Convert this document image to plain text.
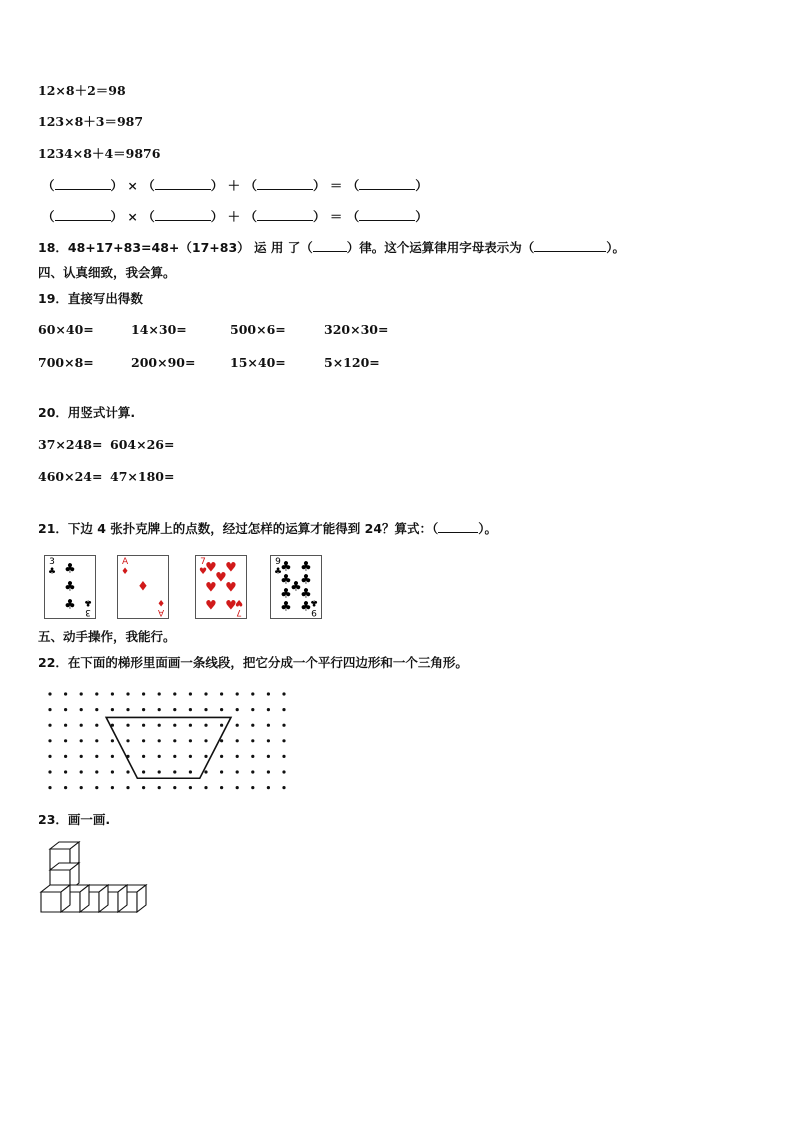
12×8＋2＝98
123×8＋3＝987
1234×8＋4＝9876
（	） × （	） ＋ （	） ＝ （	）
（	） × （	） ＋ （	） ＝ （	）
18．48+17+83=48+（17+83） 运 用 了（	）律。这个运算律用字母表示为（	）。
四、认真细致，我会算。
19．直接写出得数
60×40=	14×30=	500×6=	320×30=
700×8=	200×90=	15×40=	5×120=
20．用竖式计算.
37×248= 604×26=
460×24= 47×180=
21．下边 4 张扑克牌上的点数，经过怎样的运算才能得到 24？算式：（	）。
3
♣
3
♣
♣
♣
♣
A
♦
A
♦
♦
7
♥
7
♥
♥ ♥
♥
♥ ♥
♥ ♥
9
♣
9
♣
♣ ♣
♣ ♣
♣
♣ ♣
♣ ♣
五、动手操作，我能行。
22．在下面的梯形里面画一条线段，把它分成一个平行四边形和一个三角形。
23．画一画.
